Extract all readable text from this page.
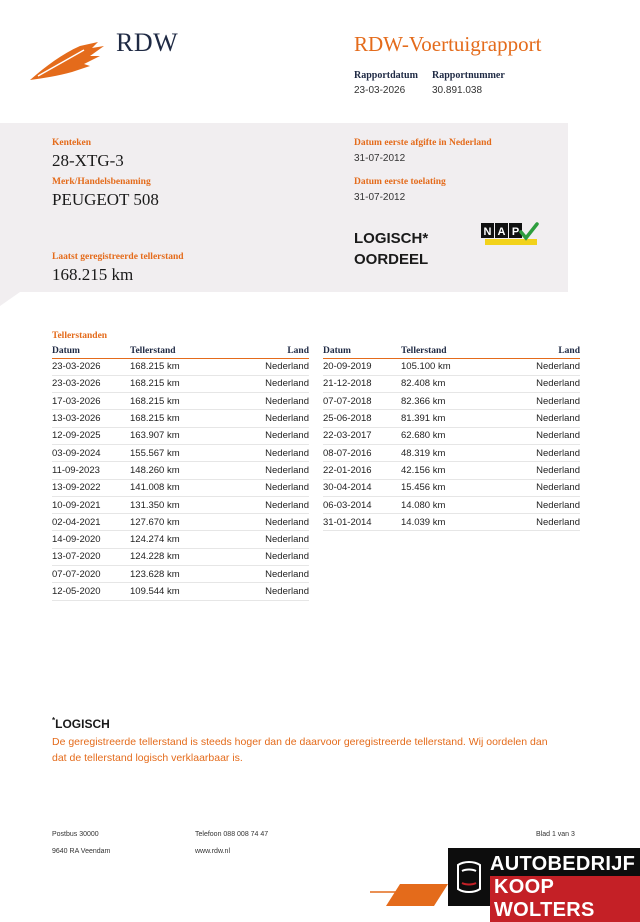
RDW	RDW-Voertuigrapport
Rapportdatum
23-03-2026
Rapportnummer
30.891.038
Kenteken
28-XTG-3
Merk/Handelsbenaming
PEUGEOT 508
Laatst geregistreerde tellerstand
168.215 km
Datum eerste afgifte in Nederland
31-07-2012
Datum eerste toelating
31-07-2012
LOGISCH*
OORDEEL
N A P
Tellerstanden
Datum	Tellerstand	Land
23-03-2026	168.215 km	Nederland
23-03-2026	168.215 km	Nederland
17-03-2026	168.215 km	Nederland
13-03-2026	168.215 km	Nederland
12-09-2025	163.907 km	Nederland
03-09-2024	155.567 km	Nederland
11-09-2023	148.260 km	Nederland
13-09-2022	141.008 km	Nederland
10-09-2021	131.350 km	Nederland
02-04-2021	127.670 km	Nederland
14-09-2020	124.274 km	Nederland
13-07-2020	124.228 km	Nederland
07-07-2020	123.628 km	Nederland
12-05-2020	109.544 km	Nederland
Datum	Tellerstand	Land
20-09-2019	105.100 km	Nederland
21-12-2018	82.408 km	Nederland
07-07-2018	82.366 km	Nederland
25-06-2018	81.391 km	Nederland
22-03-2017	62.680 km	Nederland
08-07-2016	48.319 km	Nederland
22-01-2016	42.156 km	Nederland
30-04-2014	15.456 km	Nederland
06-03-2014	14.080 km	Nederland
31-01-2014	14.039 km	Nederland
*LOGISCH
De geregistreerde tellerstand is steeds hoger dan de daarvoor geregistreerde tellerstand. Wij oordelen dan dat de tellerstand logisch verklaarbaar is.
Postbus 30000
9640 RA Veendam
Telefoon 088 008 74 47
www.rdw.nl
Blad 1 van 3
AUTOBEDRIJF
KOOP WOLTERS
